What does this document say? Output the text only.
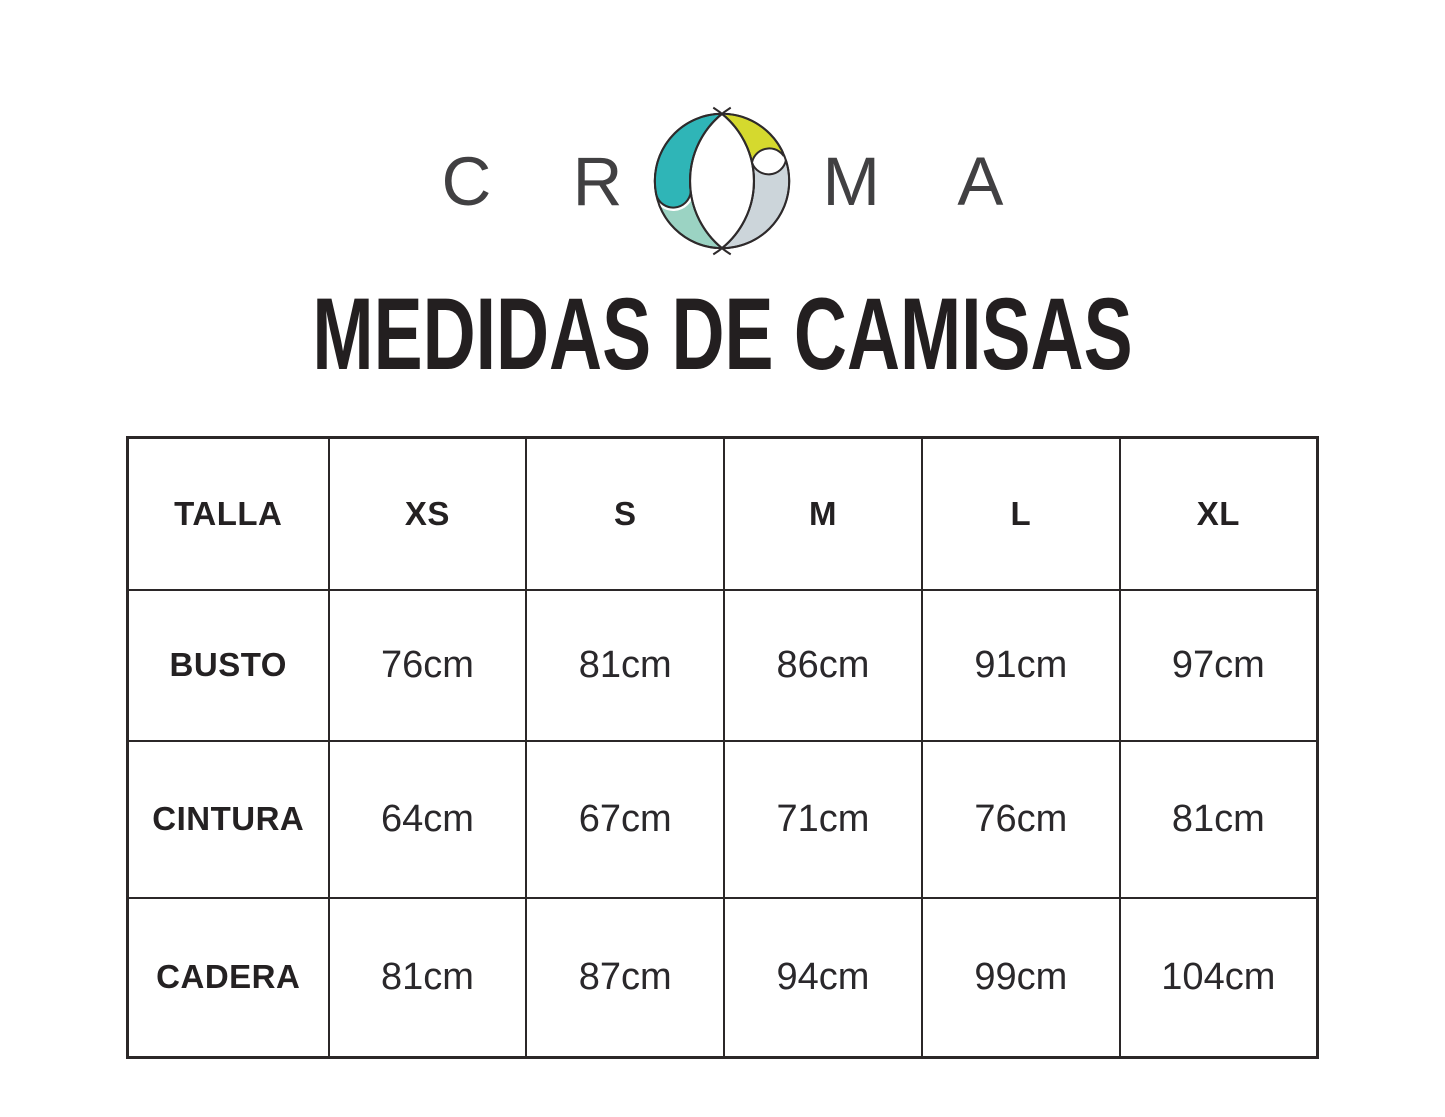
C R M A
MEDIDAS DE CAMISAS
TALLA	XS	S	M	L	XL
BUSTO	76cm	81cm	86cm	91cm	97cm
CINTURA	64cm	67cm	71cm	76cm	81cm
CADERA	81cm	87cm	94cm	99cm	104cm
